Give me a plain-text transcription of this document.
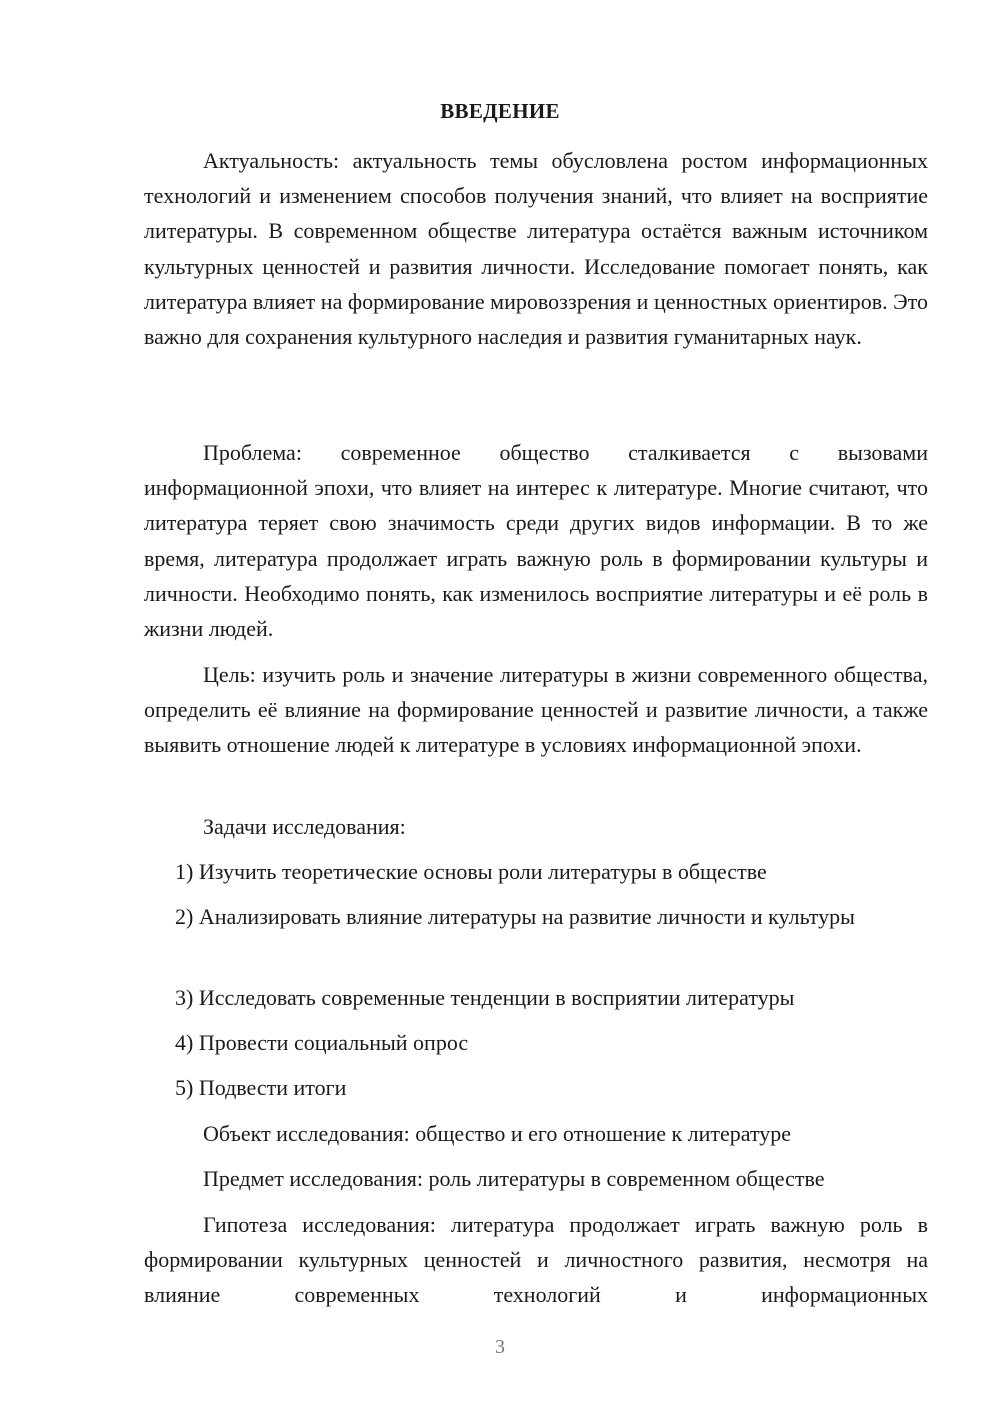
ВВЕДЕНИЕ

Актуальность: актуальность темы обусловлена ростом информационных технологий и изменением способов получения знаний, что влияет на восприятие литературы. В современном обществе литература остаётся важным источником культурных ценностей и развития личности. Исследование помогает понять, как литература влияет на формирование мировоззрения и ценностных ориентиров. Это важно для сохранения культурного наследия и развития гуманитарных наук.

Проблема: современное общество сталкивается с вызовами информационной эпохи, что влияет на интерес к литературе. Многие считают, что литература теряет свою значимость среди других видов информации. В то же время, литература продолжает играть важную роль в формировании культуры и личности. Необходимо понять, как изменилось восприятие литературы и её роль в жизни людей.

Цель: изучить роль и значение литературы в жизни современного общества, определить её влияние на формирование ценностей и развитие личности, а также выявить отношение людей к литературе в условиях информационной эпохи.

Задачи исследования:

1) Изучить теоретические основы роли литературы в обществе

2) Анализировать влияние литературы на развитие личности и культуры

3) Исследовать современные тенденции в восприятии литературы

4) Провести социальный опрос

5) Подвести итоги

Объект исследования: общество и его отношение к литературе

Предмет исследования: роль литературы в современном обществе

Гипотеза исследования: литература продолжает играть важную роль в формировании культурных ценностей и личностного развития, несмотря на влияние современных технологий и информационных

3
